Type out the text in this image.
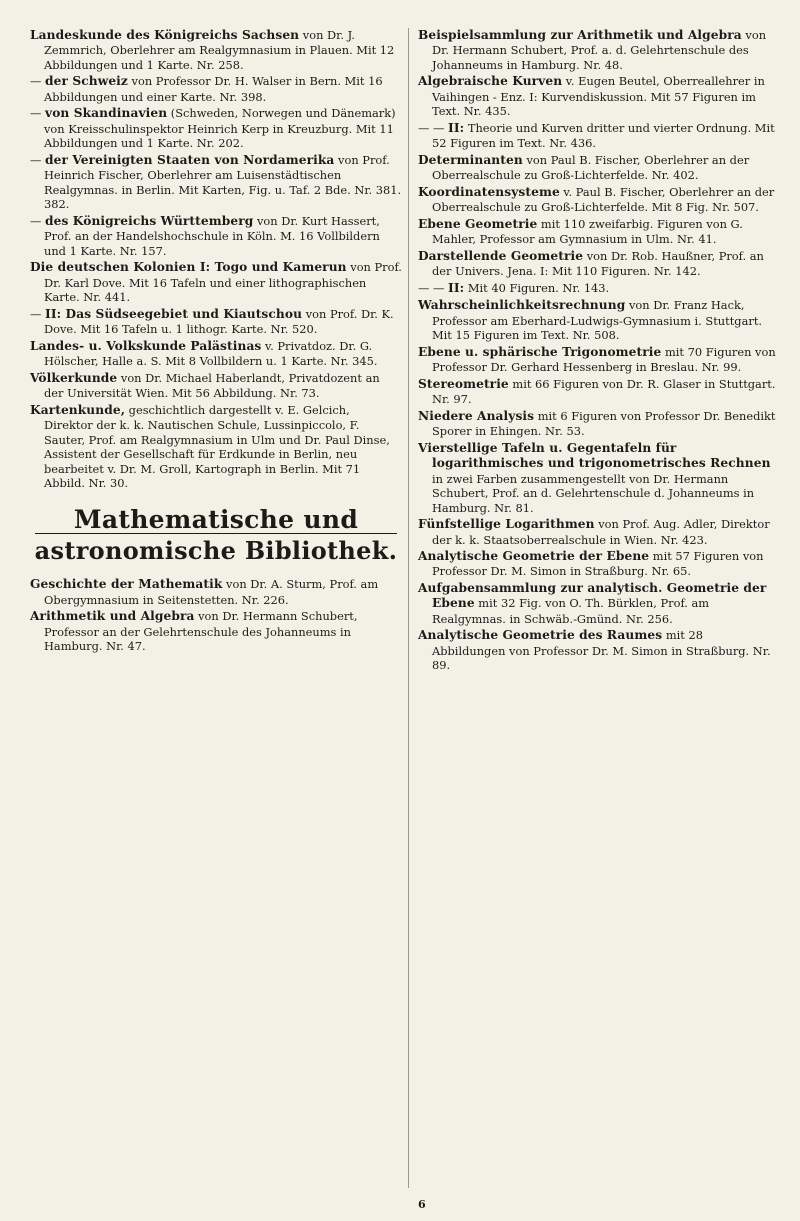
Landeskunde des Königreichs Sachsen von Dr. J. Zemmrich, Oberlehrer am Realgymnasium in Plauen. Mit 12 Abbildungen und 1 Karte. Nr. 258.

— der Schweiz von Professor Dr. H. Walser in Bern. Mit 16 Abbildungen und einer Karte. Nr. 398.

— von Skandinavien (Schweden, Norwegen und Dänemark) von Kreisschulinspektor Heinrich Kerp in Kreuzburg. Mit 11 Abbildungen und 1 Karte. Nr. 202.

— der Vereinigten Staaten von Nordamerika von Prof. Heinrich Fischer, Oberlehrer am Luisenstädtischen Realgymnas. in Berlin. Mit Karten, Fig. u. Taf. 2 Bde. Nr. 381. 382.

— des Königreichs Württemberg von Dr. Kurt Hassert, Prof. an der Handelshochschule in Köln. M. 16 Vollbildern und 1 Karte. Nr. 157.

Die deutschen Kolonien I: Togo und Kamerun von Prof. Dr. Karl Dove. Mit 16 Tafeln und einer lithographischen Karte. Nr. 441.

— II: Das Südseegebiet und Kiautschou von Prof. Dr. K. Dove. Mit 16 Tafeln u. 1 lithogr. Karte. Nr. 520.

Landes- u. Volkskunde Palästinas v. Privatdoz. Dr. G. Hölscher, Halle a. S. Mit 8 Vollbildern u. 1 Karte. Nr. 345.

Völkerkunde von Dr. Michael Haberlandt, Privatdozent an der Universität Wien. Mit 56 Abbildung. Nr. 73.

Kartenkunde, geschichtlich dargestellt v. E. Gelcich, Direktor der k. k. Nautischen Schule, Lussinpiccolo, F. Sauter, Prof. am Realgymnasium in Ulm und Dr. Paul Dinse, Assistent der Gesellschaft für Erdkunde in Berlin, neu bearbeitet v. Dr. M. Groll, Kartograph in Berlin. Mit 71 Abbild. Nr. 30.

Mathematische und
astronomische Bibliothek.

Geschichte der Mathematik von Dr. A. Sturm, Prof. am Obergymnasium in Seitenstetten. Nr. 226.

Arithmetik und Algebra von Dr. Hermann Schubert, Professor an der Gelehrtenschule des Johanneums in Hamburg. Nr. 47.

Beispielsammlung zur Arithmetik und Algebra von Dr. Hermann Schubert, Prof. a. d. Gelehrtenschule des Johanneums in Hamburg. Nr. 48.

Algebraische Kurven v. Eugen Beutel, Oberreallehrer in Vaihingen - Enz. I: Kurvendiskussion. Mit 57 Figuren im Text. Nr. 435.

— — II: Theorie und Kurven dritter und vierter Ordnung. Mit 52 Figuren im Text. Nr. 436.

Determinanten von Paul B. Fischer, Oberlehrer an der Oberrealschule zu Groß-Lichterfelde. Nr. 402.

Koordinatensysteme v. Paul B. Fischer, Oberlehrer an der Oberrealschule zu Groß-Lichterfelde. Mit 8 Fig. Nr. 507.

Ebene Geometrie mit 110 zweifarbig. Figuren von G. Mahler, Professor am Gymnasium in Ulm. Nr. 41.

Darstellende Geometrie von Dr. Rob. Haußner, Prof. an der Univers. Jena. I: Mit 110 Figuren. Nr. 142.

— — II: Mit 40 Figuren. Nr. 143.

Wahrscheinlichkeitsrechnung von Dr. Franz Hack, Professor am Eberhard-Ludwigs-Gymnasium i. Stuttgart. Mit 15 Figuren im Text. Nr. 508.

Ebene u. sphärische Trigonometrie mit 70 Figuren von Professor Dr. Gerhard Hessenberg in Breslau. Nr. 99.

Stereometrie mit 66 Figuren von Dr. R. Glaser in Stuttgart. Nr. 97.

Niedere Analysis mit 6 Figuren von Professor Dr. Benedikt Sporer in Ehingen. Nr. 53.

Vierstellige Tafeln u. Gegentafeln für logarithmisches und trigonometrisches Rechnen in zwei Farben zusammengestellt von Dr. Hermann Schubert, Prof. an d. Gelehrtenschule d. Johanneums in Hamburg. Nr. 81.

Fünfstellige Logarithmen von Prof. Aug. Adler, Direktor der k. k. Staatsoberrealschule in Wien. Nr. 423.

Analytische Geometrie der Ebene mit 57 Figuren von Professor Dr. M. Simon in Straßburg. Nr. 65.

Aufgabensammlung zur analytisch. Geometrie der Ebene mit 32 Fig. von O. Th. Bürklen, Prof. am Realgymnas. in Schwäb.-Gmünd. Nr. 256.

Analytische Geometrie des Raumes mit 28 Abbildungen von Professor Dr. M. Simon in Straßburg. Nr. 89.

6
